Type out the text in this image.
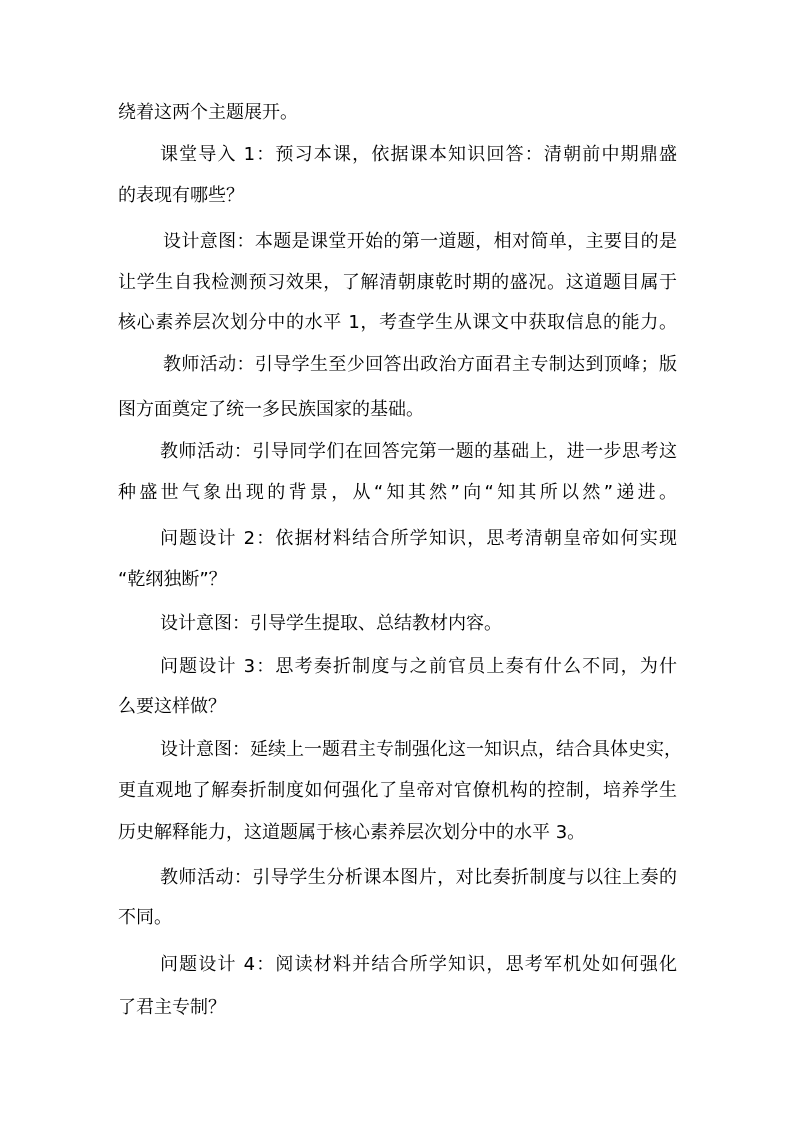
绕着这两个主题展开。
课堂导入 1：预习本课，依据课本知识回答：清朝前中期鼎盛
的表现有哪些？
设计意图：本题是课堂开始的第一道题，相对简单，主要目的是
让学生自我检测预习效果，了解清朝康乾时期的盛况。这道题目属于
核心素养层次划分中的水平 1，考查学生从课文中获取信息的能力。
教师活动：引导学生至少回答出政治方面君主专制达到顶峰；版
图方面奠定了统一多民族国家的基础。
教师活动：引导同学们在回答完第一题的基础上，进一步思考这
种盛世气象出现的背景，从“知其然”向“知其所以然”递进。
问题设计 2：依据材料结合所学知识，思考清朝皇帝如何实现
“乾纲独断”？
设计意图：引导学生提取、总结教材内容。
问题设计 3：思考奏折制度与之前官员上奏有什么不同，为什
么要这样做？
设计意图：延续上一题君主专制强化这一知识点，结合具体史实，
更直观地了解奏折制度如何强化了皇帝对官僚机构的控制，培养学生
历史解释能力，这道题属于核心素养层次划分中的水平 3。
教师活动：引导学生分析课本图片，对比奏折制度与以往上奏的
不同。
问题设计 4：阅读材料并结合所学知识，思考军机处如何强化
了君主专制？
